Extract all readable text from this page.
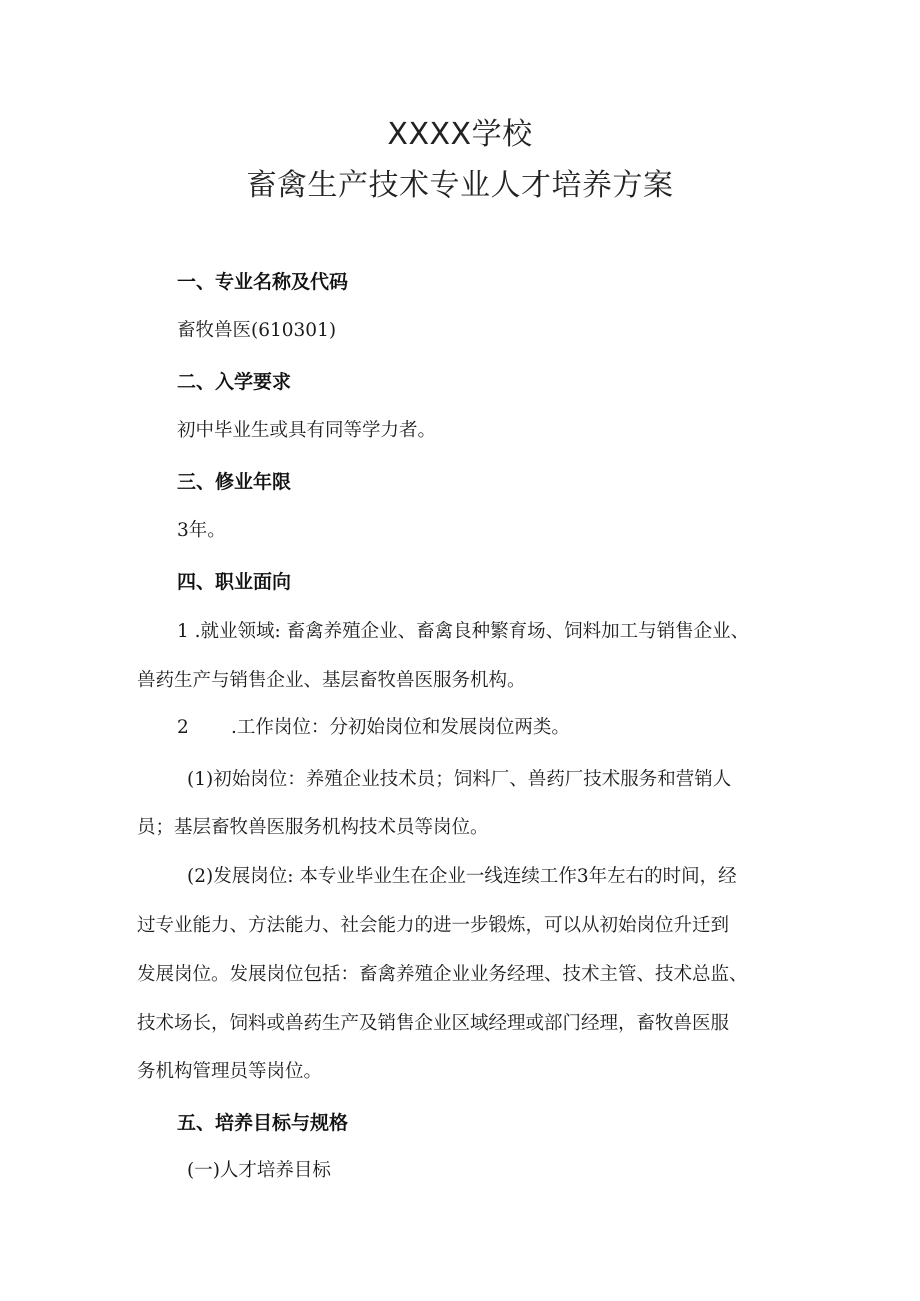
XXXX学校
畜禽生产技术专业人才培养方案
一、专业名称及代码
畜牧兽医(610301)
二、入学要求
初中毕业生或具有同等学力者。
三、修业年限
3年。
四、职业面向
1 .就业领域: 畜禽养殖企业、畜禽良种繁育场、饲料加工与销售企业、
兽药生产与销售企业、基层畜牧兽医服务机构。
2 .工作岗位：分初始岗位和发展岗位两类。
(1)初始岗位：养殖企业技术员；饲料厂、兽药厂技术服务和营销人
员；基层畜牧兽医服务机构技术员等岗位。
(2)发展岗位: 本专业毕业生在企业一线连续工作3年左右的时间，经
过专业能力、方法能力、社会能力的进一步锻炼，可以从初始岗位升迁到
发展岗位。发展岗位包括：畜禽养殖企业业务经理、技术主管、技术总监、
技术场长，饲料或兽药生产及销售企业区域经理或部门经理，畜牧兽医服
务机构管理员等岗位。
五、培养目标与规格
(一)人才培养目标
